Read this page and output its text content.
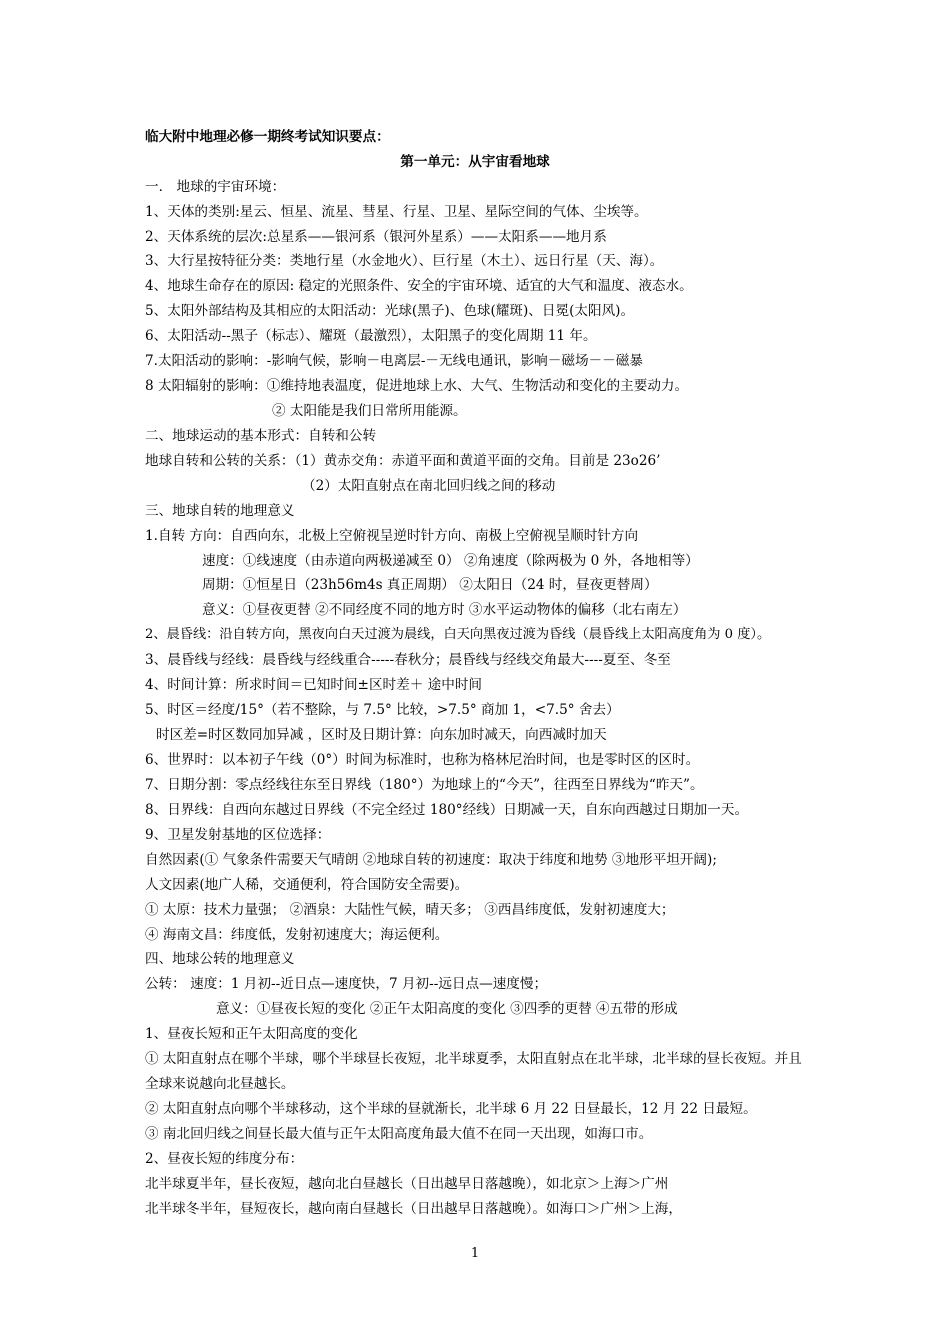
临大附中地理必修一期终考试知识要点：
第一单元：从宇宙看地球
一． 地球的宇宙环境：
1、天体的类别:星云、恒星、流星、彗星、行星、卫星、星际空间的气体、尘埃等。
2、天体系统的层次:总星系——银河系（银河外星系）——太阳系——地月系
3、大行星按特征分类：类地行星（水金地火）、巨行星（木土）、远日行星（天、海）。
4、地球生命存在的原因: 稳定的光照条件、安全的宇宙环境、适宜的大气和温度、液态水。
5、太阳外部结构及其相应的太阳活动：光球(黑子)、色球(耀斑)、日冕(太阳风)。
6、太阳活动--黑子（标志）、耀斑（最激烈），太阳黑子的变化周期 11 年。
7.太阳活动的影响：-影响气候，影响－电离层-－无线电通讯，影响－磁场－－磁暴
8 太阳辐射的影响：①维持地表温度，促进地球上水、大气、生物活动和变化的主要动力。
② 太阳能是我们日常所用能源。
二、地球运动的基本形式：自转和公转
地球自转和公转的关系：（1）黄赤交角：赤道平面和黄道平面的交角。目前是 23o26’
（2）太阳直射点在南北回归线之间的移动
三、地球自转的地理意义
1.自转 方向：自西向东，北极上空俯视呈逆时针方向、南极上空俯视呈顺时针方向
速度：①线速度（由赤道向两极递减至 0） ②角速度（除两极为 0 外，各地相等）
周期：①恒星日（23h56m4s 真正周期） ②太阳日（24 时，昼夜更替周）
意义：①昼夜更替 ②不同经度不同的地方时 ③水平运动物体的偏移（北右南左）
2、晨昏线：沿自转方向，黑夜向白天过渡为晨线，白天向黑夜过渡为昏线（晨昏线上太阳高度角为 0 度）。
3、晨昏线与经线：晨昏线与经线重合-----春秋分；晨昏线与经线交角最大----夏至、冬至
4、时间计算：所求时间＝已知时间±区时差＋ 途中时间
5、时区＝经度/15°（若不整除，与 7.5° 比较，>7.5° 商加 1，<7.5° 舍去）
时区差=时区数同加异减 ，区时及日期计算：向东加时减天，向西减时加天
6、世界时：以本初子午线（0°）时间为标准时，也称为格林尼治时间，也是零时区的区时。
7、日期分割：零点经线往东至日界线（180°）为地球上的“今天”，往西至日界线为“昨天”。
8、日界线：自西向东越过日界线（不完全经过 180°经线）日期减一天，自东向西越过日期加一天。
9、卫星发射基地的区位选择：
自然因素(① 气象条件需要天气晴朗 ②地球自转的初速度：取决于纬度和地势 ③地形平坦开阔);
人文因素(地广人稀，交通便利，符合国防安全需要)。
① 太原：技术力量强； ②酒泉：大陆性气候，晴天多； ③西昌纬度低，发射初速度大；
④ 海南文昌：纬度低，发射初速度大；海运便利。
四、地球公转的地理意义
公转： 速度：1 月初--近日点—速度快，7 月初--远日点—速度慢；
意义：①昼夜长短的变化 ②正午太阳高度的变化 ③四季的更替 ④五带的形成
1、昼夜长短和正午太阳高度的变化
① 太阳直射点在哪个半球，哪个半球昼长夜短，北半球夏季，太阳直射点在北半球，北半球的昼长夜短。并且全球来说越向北昼越长。
② 太阳直射点向哪个半球移动，这个半球的昼就渐长，北半球 6 月 22 日昼最长，12 月 22 日最短。
③ 南北回归线之间昼长最大值与正午太阳高度角最大值不在同一天出现，如海口市。
2、昼夜长短的纬度分布：
北半球夏半年，昼长夜短，越向北白昼越长（日出越早日落越晚），如北京＞上海＞广州
北半球冬半年，昼短夜长，越向南白昼越长（日出越早日落越晚）。如海口＞广州＞上海，
1
